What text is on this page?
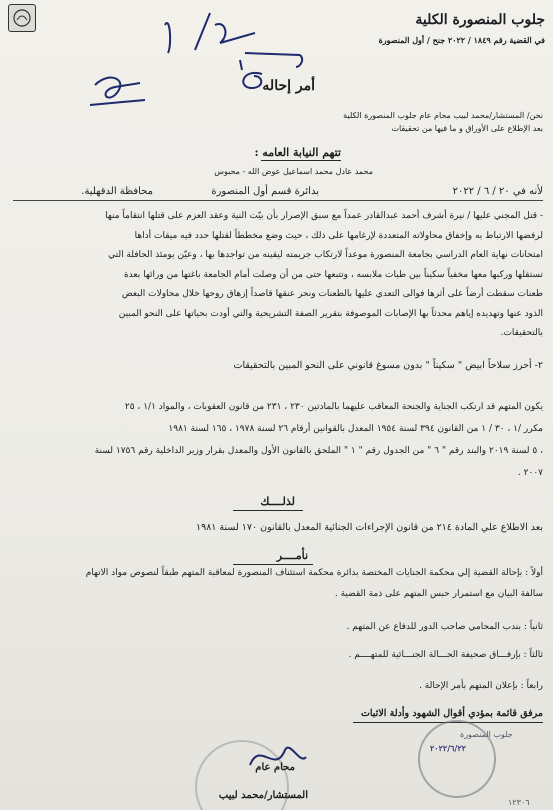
جلوب المنصورة الكلية
في القضية رقم ١٨٤٩ / ٢٠٢٢ جنح / أول المنصورة
أمر إحاله
نحن/ المستشار/محمد لبيب محام عام جلوب المنصورة الكلية
بعد الإطلاع على الأوراق و ما فيها من تحقيقات
تتهم النيابة العامه :
محمد عادل محمد اسماعيل عوض الله - محبوس
لأنه في ٢٠ / ٦ / ٢٠٢٢
بدائرة قسم أول المنصورة
محافظة الدقهلية.
- قتل المجني عليها / نيرة أشرف أحمد عبدالقادر عمداً مع سبق الإصرار بأن بيّت النية وعقد العزم على قتلها انتقاماً منها
لرفضها الارتباط به وإخفاق محاولاته المتعددة لإرغامها على ذلك ، حيث وضع مخططاً لقتلها حدد فيه ميقات أداها
امتحانات نهاية العام الدراسي بجامعة المنصورة موعداً لارتكاب جريمته ليقينه من تواجدها بها ، وعيّن يومئذ الحافلة التي
تستقلها وركبها معها مخفياً سكيناً بين طيات ملابسه ، وتتبعها حتى من أن وصلت أمام الجامعة باغتها من ورائها بعدة
طعنات سقطت أرضاً على أثرها فوالى التعدي عليها بالطعنات ونحر عنقها قاصداً إزهاق روحها خلال محاولات البعض
الذود عنها وتهديده إياهم محدثاً بها الإصابات الموصوفة بتقرير الصفة التشريحية والتي أودت بحياتها على النحو المبين
بالتحقيقات.
٢- أحرز سلاحاً ابيض " سكيناً " بدون مسوغ قانوني على النحو المبين بالتحقيقات
يكون المتهم قد ارتكب الجناية والجنحة المعاقب عليهما بالمادتين ٢٣٠ ، ٢٣١ من قانون العقوبات ، والمواد ١/١ ، ٢٥
مكرر /١ ، ٣٠ / ١ من القانون ٣٩٤ لسنة ١٩٥٤ المعدل بالقوانين أرقام ٢٦ لسنة ١٩٧٨ ، ١٦٥ لسنة ١٩٨١
، ٥ لسنة ٢٠١٩ والبند رقم " ٦ " من الجدول رقم " ١ " الملحق بالقانون الأول والمعدل بقرار وزير الداخلية رقم ١٧٥٦ لسنة
٢٠٠٧ .
لذلــــك
بعد الاطلاع علي المادة ٢١٤ من قانون الإجراءات الجنائية المعدل بالقانون ١٧٠ لسنة ١٩٨١
نأمــــر
أولاً : بإحالة القضية إلي محكمة الجنايات المختصة بدائرة محكمة استئناف المنصورة لمعاقبة المتهم طبقاً لنصوص مواد الاتهام
سالفة البيان مع استمرار حبس المتهم على ذمة القضية .
ثانياً : بندب المحامي صاحب الدور للدفاع عن المتهم .
ثالثاً : بإرفـــاق صحيفة الحـــالة الجنـــائية للمتهــــم .
رابعاً : بإعلان المتهم بأمر الإحالة .
مرفق قائمة بمؤدي أقوال الشهود وأدلة الاثبات
٢٠٢٢/٦/٢٢
جلوب المنصورة
١٢٣٠٦
محام عام
المستشار/محمد لبيب
